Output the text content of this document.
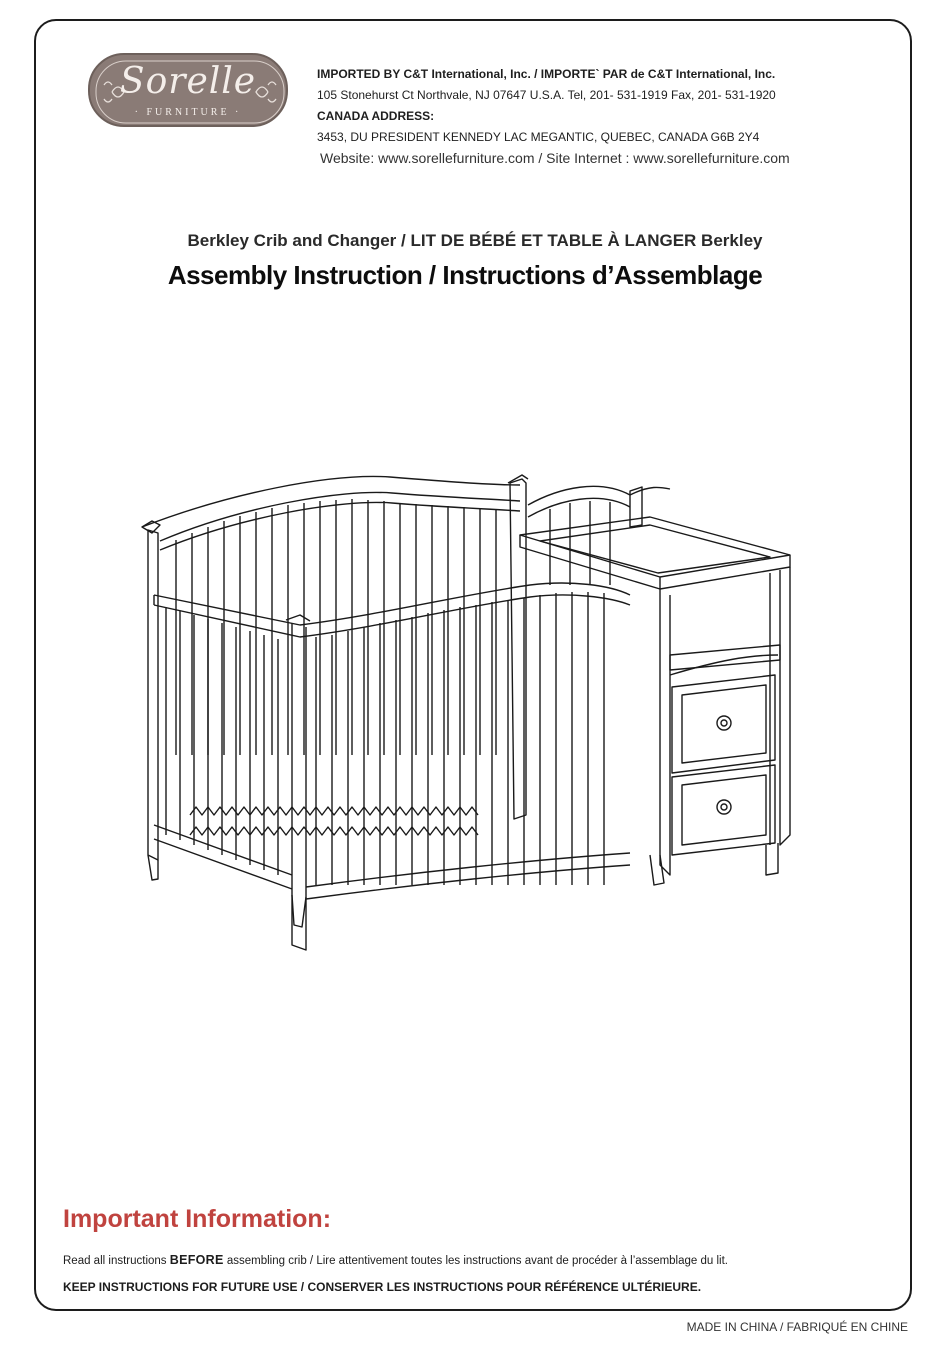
Sorelle
· FURNITURE ·
IMPORTED BY C&T International, Inc. / IMPORTE` PAR de C&T International, Inc.
105 Stonehurst Ct Northvale, NJ 07647 U.S.A. Tel, 201- 531-1919 Fax, 201- 531-1920
CANADA ADDRESS:
3453, DU PRESIDENT KENNEDY LAC MEGANTIC, QUEBEC, CANADA G6B 2Y4
Website: www.sorellefurniture.com / Site Internet : www.sorellefurniture.com
Berkley Crib and Changer / LIT DE BÉBÉ ET TABLE À LANGER Berkley
Assembly Instruction / Instructions d’Assemblage
Important Information:
Read all instructions BEFORE assembling crib / Lire attentivement toutes les instructions avant de procéder à l’assemblage du lit.
KEEP INSTRUCTIONS FOR FUTURE USE / CONSERVER LES INSTRUCTIONS POUR RÉFÉRENCE ULTÉRIEURE.
MADE IN CHINA / FABRIQUÉ EN CHINE
